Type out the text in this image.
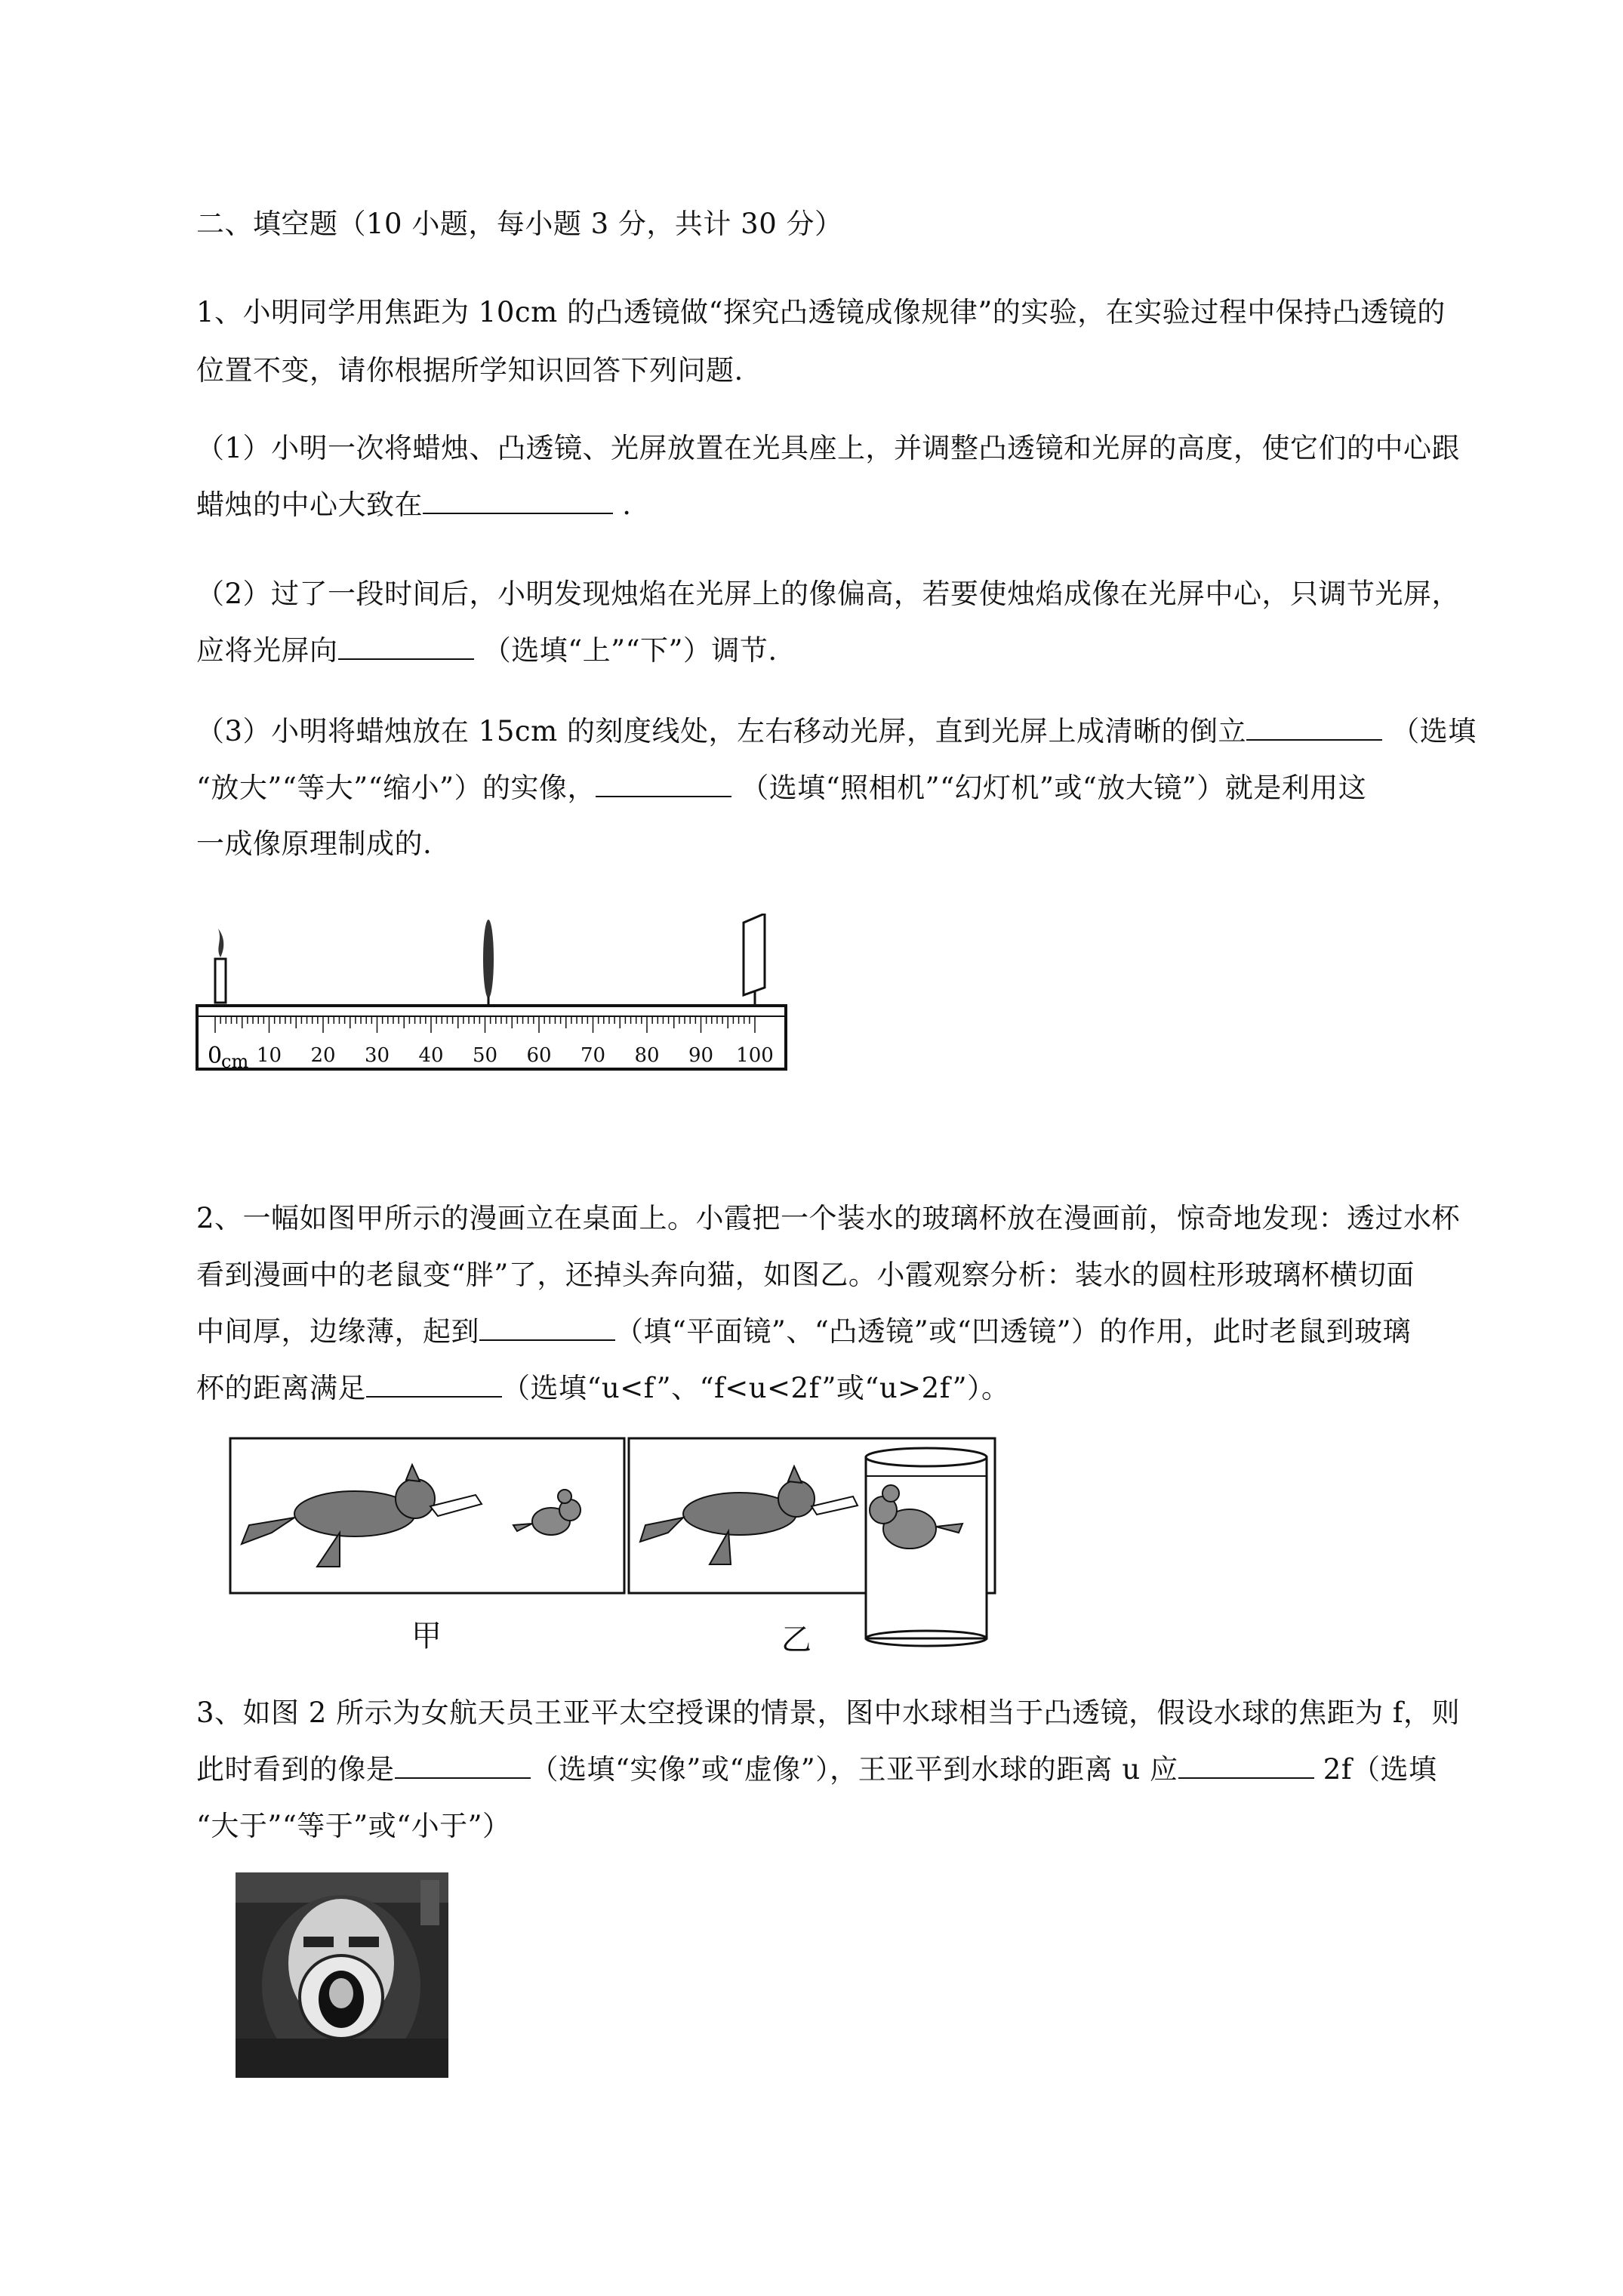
二、填空题（10 小题，每小题 3 分，共计 30 分）
1、小明同学用焦距为 10cm 的凸透镜做“探究凸透镜成像规律”的实验，在实验过程中保持凸透镜的
位置不变，请你根据所学知识回答下列问题.
（1）小明一次将蜡烛、凸透镜、光屏放置在光具座上，并调整凸透镜和光屏的高度，使它们的中心跟
蜡烛的中心大致在	.
（2）过了一段时间后，小明发现烛焰在光屏上的像偏高，若要使烛焰成像在光屏中心，只调节光屏，
应将光屏向	（选填“上”“下”）调节.
（3）小明将蜡烛放在 15cm 的刻度线处，左右移动光屏，直到光屏上成清晰的倒立	（选填
“放大”“等大”“缩小”）的实像，	（选填“照相机”“幻灯机”或“放大镜”）就是利用这
一成像原理制成的.
10 20 30 40 50 60 70 80 90 100
0
cm
2、一幅如图甲所示的漫画立在桌面上。小霞把一个装水的玻璃杯放在漫画前，惊奇地发现：透过水杯
看到漫画中的老鼠变“胖”了，还掉头奔向猫，如图乙。小霞观察分析：装水的圆柱形玻璃杯横切面
中间厚，边缘薄，起到	（填“平面镜”、“凸透镜”或“凹透镜”）的作用，此时老鼠到玻璃
杯的距离满足	（选填“u<f”、“f<u<2f”或“u>2f”）。
甲	乙
3、如图 2 所示为女航天员王亚平太空授课的情景，图中水球相当于凸透镜，假设水球的焦距为 f，则
此时看到的像是	（选填“实像”或“虚像”），王亚平到水球的距离 u 应	2f（选填
“大于”“等于”或“小于”）
